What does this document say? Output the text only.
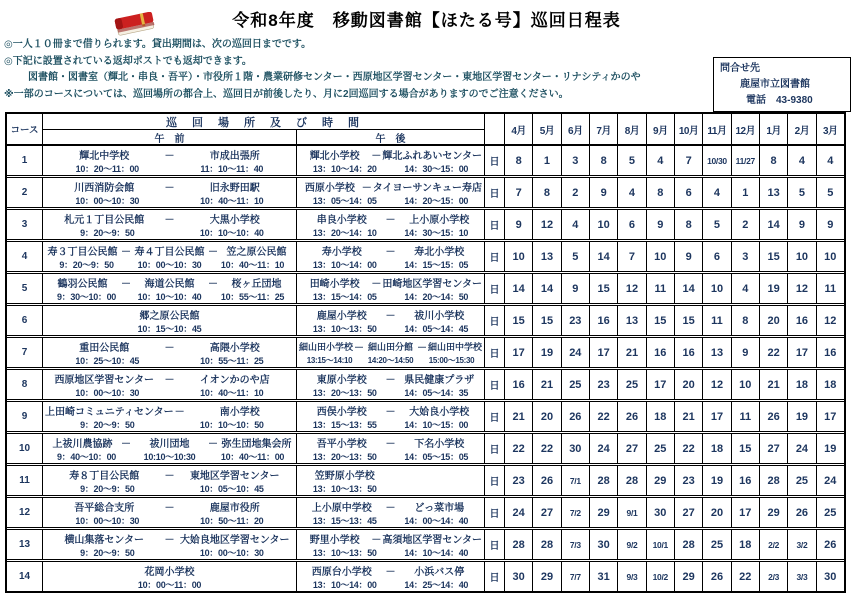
令和8年度　移動図書館【ほたる号】巡回日程表
◎一人１０冊まで借りられます。貸出期間は、次の巡回日までです。
◎下記に設置されている返却ポストでも返却できます。
図書館・図書室（輝北・串良・吾平）・市役所１階・農業研修センター・西原地区学習センター・東地区学習センター・リナシティかのや
※一部のコースについては、巡回場所の都合上、巡回日が前後したり、月に2回巡回する場合がありますのでご注意ください。
問合せ先
鹿屋市立図書館
電話　43-9380
コース
巡　回　場　所　及　び　時　間
午　前	午　後
4月	5月	6月	7月	8月	9月	10月 11月 12月	1月	2月	3月
1	輝北中学校	－	市成出張所
10：20～11：00	11：10～11：40
輝北小学校	－ 輝北ふれあいセンター
13：10～14：20	14：30～15：00
日	8	1	3	8	5	4	7	10/30	11/27	8	4	4
2	川西消防会館	－	旧永野田駅
10：00～10：30	10：40～11：10
西原小学校 － タイヨーサンキュー寿店
13：05～14：05	14：20～15：00
日	7	8	2	9	4	8	6	4	1	13	5	5
3	札元１丁目公民館	－	大黒小学校
9：20～9：50	10：10～10：40
串良小学校	－	上小原小学校
13：20～14：10	14：30～15：10
日	9	12	4	10	6	9	8	5	2	14	9	9
4	寿３丁目公民館 － 寿４丁目公民館 － 笠之原公民館
9：20～9：50	10：00～10：30	10：40～11：10
寿小学校	－	寿北小学校
13：10～14：00	14：15～15：05
日	10	13	5	14	7	10	9	6	3	15	10	10
5	鶴羽公民館	－	海道公民館	－	桜ヶ丘団地
9：30～10：00	10：10～10：40	10：55～11：25
田崎小学校	－ 田崎地区学習センター
13：15～14：05	14：20～14：50
日	14	14	9	15	12	11	14	10	4	19	12	11
6	郷之原公民館
10：15～10：45
鹿屋小学校	－	祓川小学校
13：10～13：50	14：05～14：45
日	15	15	23	16	13	15	15	11	8	20	16	12
7	重田公民館	－	高隈小学校
10：25～10：45	10：55～11：25
細山田小学校 － 細山田分館 － 細山田中学校
13:15～14:10	14:20～14:50	15:00～15:30
日	17	19	24	17	21	16	16	13	9	22	17	16
8	西原地区学習センター	－	イオンかのや店
10：00～10：30	10：40～11：10
東原小学校	－ 県民健康プラザ
13：20～13：50	14：05～14：35
日	16	21	25	23	25	17	20	12	10	21	18	18
9	上田崎コミュニティセンター －	南小学校
9：20～9：50	10：10～10：50
西俣小学校	－	大姶良小学校
13：15～13：55	14：10～15：00
日	21	20	26	22	26	18	21	17	11	26	19	17
10	上祓川農協跡 －	祓川団地	－ 弥生団地集会所
9：40～10：00	10:10～10:30	10：40～11：00
吾平小学校	－	下名小学校
13：20～13：50	14：05～15：05
日	22	22	30	24	27	25	22	18	15	27	24	19
11	寿８丁目公民館	－	東地区学習センター
9：20～9：50	10：05～10：45
笠野原小学校
13：10～13：50
日	23	26	7/1	28	28	29	23	19	16	28	25	24
12	吾平総合支所	－	鹿屋市役所
10：00～10：30	10：50～11：20
上小原中学校	－	どっ菜市場
13：15～13：45	14：00～14：40
日	24	27	7/2	29	9/1	30	27	20	17	29	26	25
13	横山集落センター	－ 大姶良地区学習センター
9：20～9：50	10：00～10：30
野里小学校	－ 高須地区学習センター
13：10～13：50	14：10～14：40
日	28	28	7/3	30	9/2	10/1	28	25	18	2/2	3/2	26
14	花岡小学校
10：00～11：00
西原台小学校	－	小浜バス停
13：10～14：00	14：25～14：40
日	30	29	7/7	31	9/3	10/2	29	26	22	2/3	3/3	30
